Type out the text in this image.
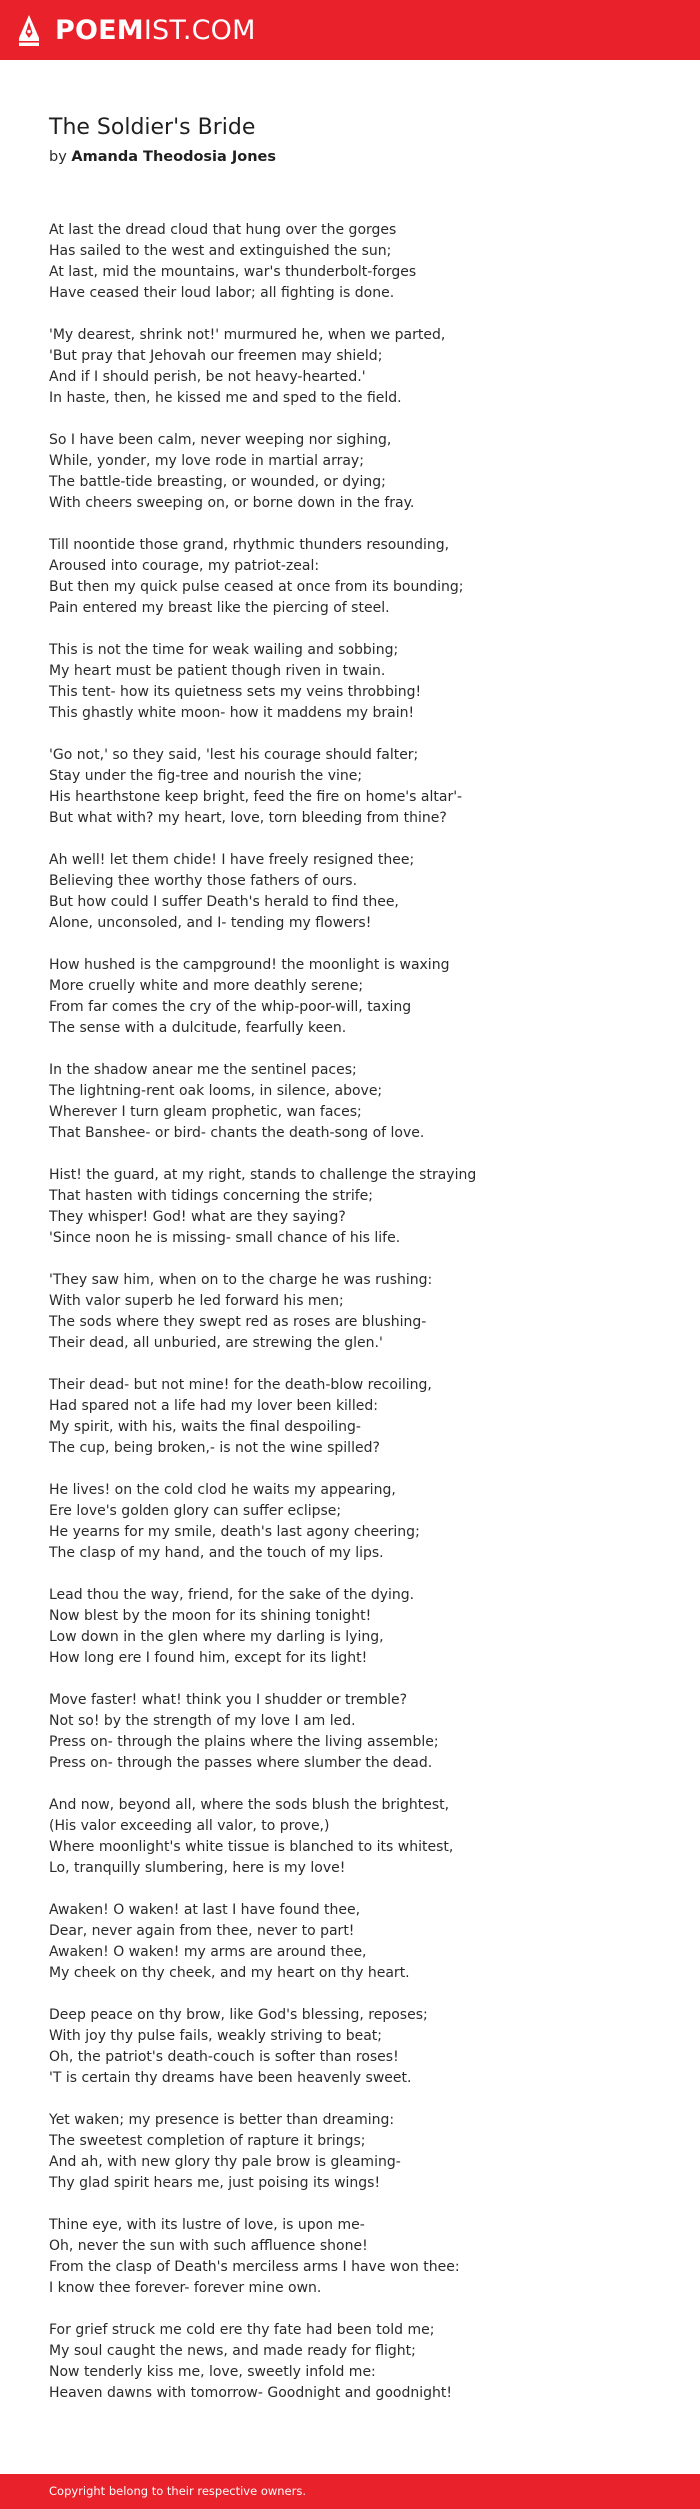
POEMIST.COM
The Soldier's Bride
by Amanda Theodosia Jones
At last the dread cloud that hung over the gorges
Has sailed to the west and extinguished the sun;
At last, mid the mountains, war's thunderbolt-forges
Have ceased their loud labor; all fighting is done.
'My dearest, shrink not!' murmured he, when we parted,
'But pray that Jehovah our freemen may shield;
And if I should perish, be not heavy-hearted.'
In haste, then, he kissed me and sped to the field.
So I have been calm, never weeping nor sighing,
While, yonder, my love rode in martial array;
The battle-tide breasting, or wounded, or dying;
With cheers sweeping on, or borne down in the fray.
Till noontide those grand, rhythmic thunders resounding,
Aroused into courage, my patriot-zeal:
But then my quick pulse ceased at once from its bounding;
Pain entered my breast like the piercing of steel.
This is not the time for weak wailing and sobbing;
My heart must be patient though riven in twain.
This tent- how its quietness sets my veins throbbing!
This ghastly white moon- how it maddens my brain!
'Go not,' so they said, 'lest his courage should falter;
Stay under the fig-tree and nourish the vine;
His hearthstone keep bright, feed the fire on home's altar'-
But what with? my heart, love, torn bleeding from thine?
Ah well! let them chide! I have freely resigned thee;
Believing thee worthy those fathers of ours.
But how could I suffer Death's herald to find thee,
Alone, unconsoled, and I- tending my flowers!
How hushed is the campground! the moonlight is waxing
More cruelly white and more deathly serene;
From far comes the cry of the whip-poor-will, taxing
The sense with a dulcitude, fearfully keen.
In the shadow anear me the sentinel paces;
The lightning-rent oak looms, in silence, above;
Wherever I turn gleam prophetic, wan faces;
That Banshee- or bird- chants the death-song of love.
Hist! the guard, at my right, stands to challenge the straying
That hasten with tidings concerning the strife;
They whisper! God! what are they saying?
'Since noon he is missing- small chance of his life.
'They saw him, when on to the charge he was rushing:
With valor superb he led forward his men;
The sods where they swept red as roses are blushing-
Their dead, all unburied, are strewing the glen.'
Their dead- but not mine! for the death-blow recoiling,
Had spared not a life had my lover been killed:
My spirit, with his, waits the final despoiling-
The cup, being broken,- is not the wine spilled?
He lives! on the cold clod he waits my appearing,
Ere love's golden glory can suffer eclipse;
He yearns for my smile, death's last agony cheering;
The clasp of my hand, and the touch of my lips.
Lead thou the way, friend, for the sake of the dying.
Now blest by the moon for its shining tonight!
Low down in the glen where my darling is lying,
How long ere I found him, except for its light!
Move faster! what! think you I shudder or tremble?
Not so! by the strength of my love I am led.
Press on- through the plains where the living assemble;
Press on- through the passes where slumber the dead.
And now, beyond all, where the sods blush the brightest,
(His valor exceeding all valor, to prove,)
Where moonlight's white tissue is blanched to its whitest,
Lo, tranquilly slumbering, here is my love!
Awaken! O waken! at last I have found thee,
Dear, never again from thee, never to part!
Awaken! O waken! my arms are around thee,
My cheek on thy cheek, and my heart on thy heart.
Deep peace on thy brow, like God's blessing, reposes;
With joy thy pulse fails, weakly striving to beat;
Oh, the patriot's death-couch is softer than roses!
'T is certain thy dreams have been heavenly sweet.
Yet waken; my presence is better than dreaming:
The sweetest completion of rapture it brings;
And ah, with new glory thy pale brow is gleaming-
Thy glad spirit hears me, just poising its wings!
Thine eye, with its lustre of love, is upon me-
Oh, never the sun with such affluence shone!
From the clasp of Death's merciless arms I have won thee:
I know thee forever- forever mine own.
For grief struck me cold ere thy fate had been told me;
My soul caught the news, and made ready for flight;
Now tenderly kiss me, love, sweetly infold me:
Heaven dawns with tomorrow- Goodnight and goodnight!
Copyright belong to their respective owners.
